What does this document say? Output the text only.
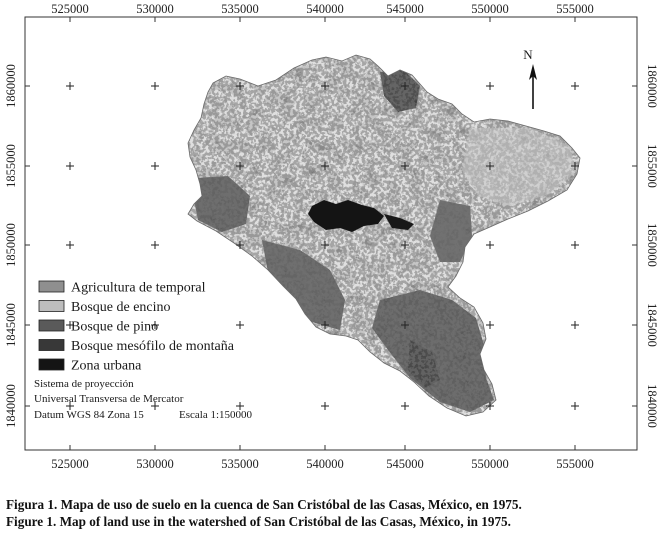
525000	530000	535000	540000	545000	550000	555000
525000	530000	535000	540000	545000	550000	555000
1860000
1855000
1850000
1845000
1840000
1860000
1855000
1850000
1845000
1840000
N
Agricultura de temporal
Bosque de encino
Bosque de pino
Bosque mesófilo de montaña
Zona urbana
Sistema de proyección
Universal Transversa de Mercator
Datum WGS 84 Zona 15	Escala 1:150000
Figura 1. Mapa de uso de suelo en la cuenca de San Cristóbal de las Casas, México, en 1975.
Figure 1. Map of land use in the watershed of San Cristóbal de las Casas, México, in 1975.
